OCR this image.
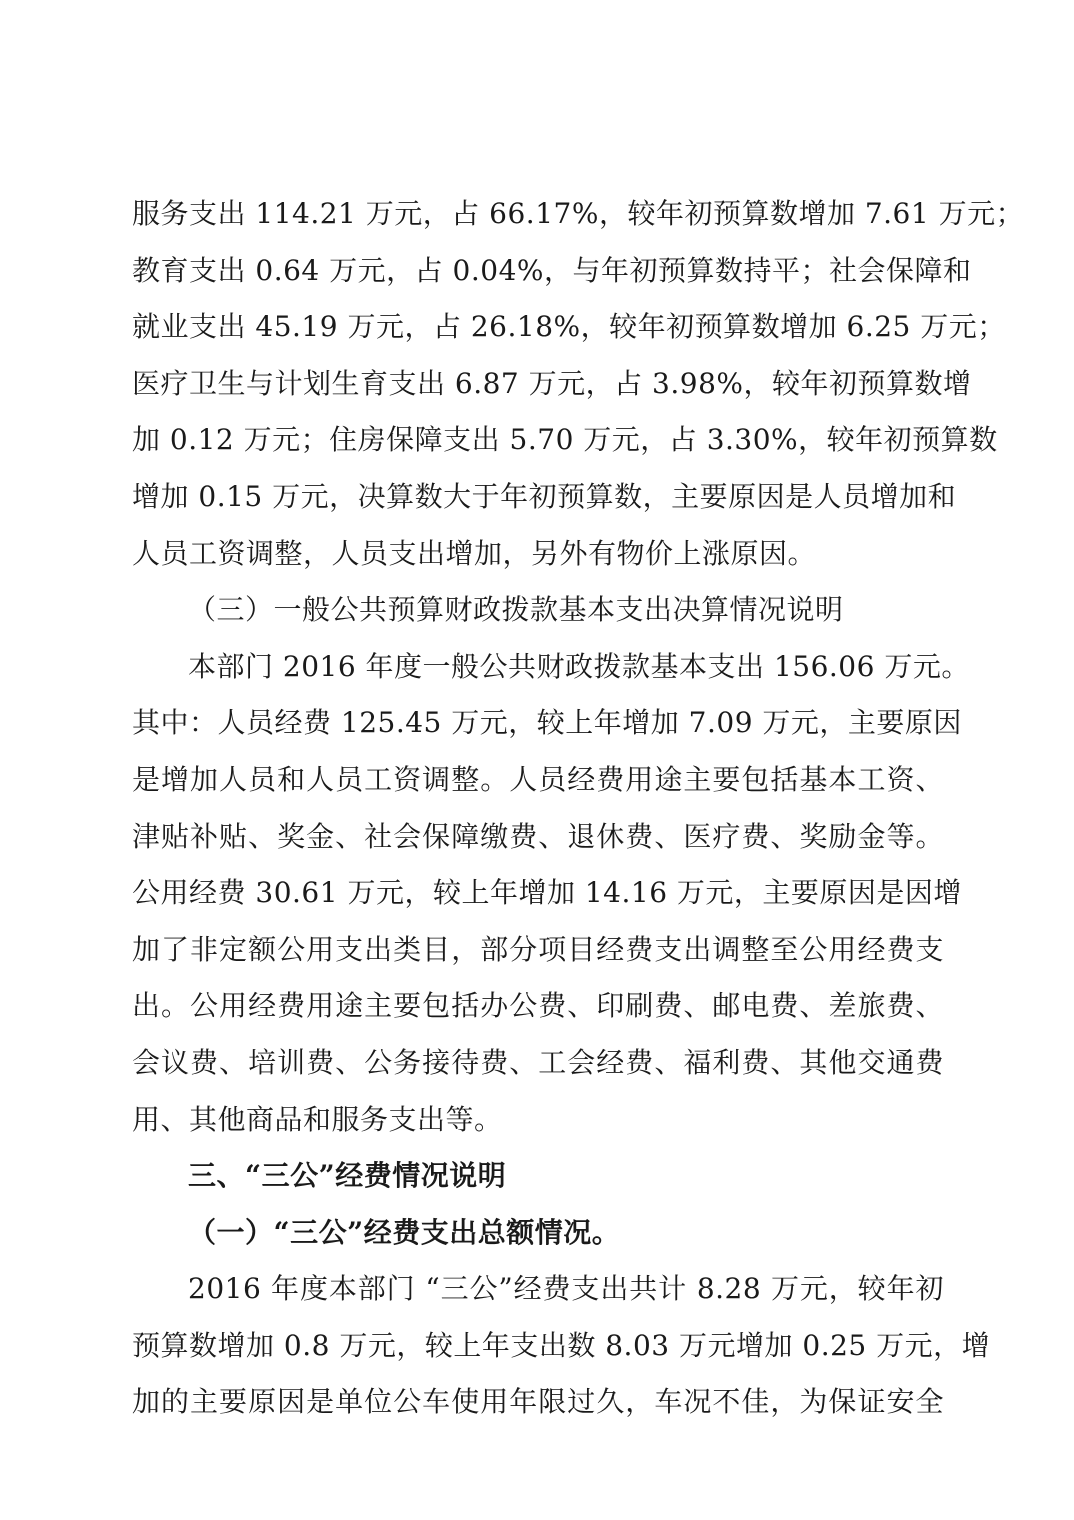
服务支出 114.21 万元，占 66.17%，较年初预算数增加 7.61 万元；
教育支出 0.64 万元，占 0.04%，与年初预算数持平；社会保障和
就业支出 45.19 万元，占 26.18%，较年初预算数增加 6.25 万元；
医疗卫生与计划生育支出 6.87 万元，占 3.98%，较年初预算数增
加 0.12 万元；住房保障支出 5.70 万元，占 3.30%，较年初预算数
增加 0.15 万元，决算数大于年初预算数，主要原因是人员增加和
人员工资调整，人员支出增加，另外有物价上涨原因。
（三）一般公共预算财政拨款基本支出决算情况说明
本部门 2016 年度一般公共财政拨款基本支出 156.06 万元。
其中：人员经费 125.45 万元，较上年增加 7.09 万元，主要原因
是增加人员和人员工资调整。人员经费用途主要包括基本工资、
津贴补贴、奖金、社会保障缴费、退休费、医疗费、奖励金等。
公用经费 30.61 万元，较上年增加 14.16 万元，主要原因是因增
加了非定额公用支出类目，部分项目经费支出调整至公用经费支
出。公用经费用途主要包括办公费、印刷费、邮电费、差旅费、
会议费、培训费、公务接待费、工会经费、福利费、其他交通费
用、其他商品和服务支出等。
三、“三公”经费情况说明
（一）“三公”经费支出总额情况。
2016 年度本部门 “三公”经费支出共计 8.28 万元，较年初
预算数增加 0.8 万元，较上年支出数 8.03 万元增加 0.25 万元，增
加的主要原因是单位公车使用年限过久，车况不佳，为保证安全
